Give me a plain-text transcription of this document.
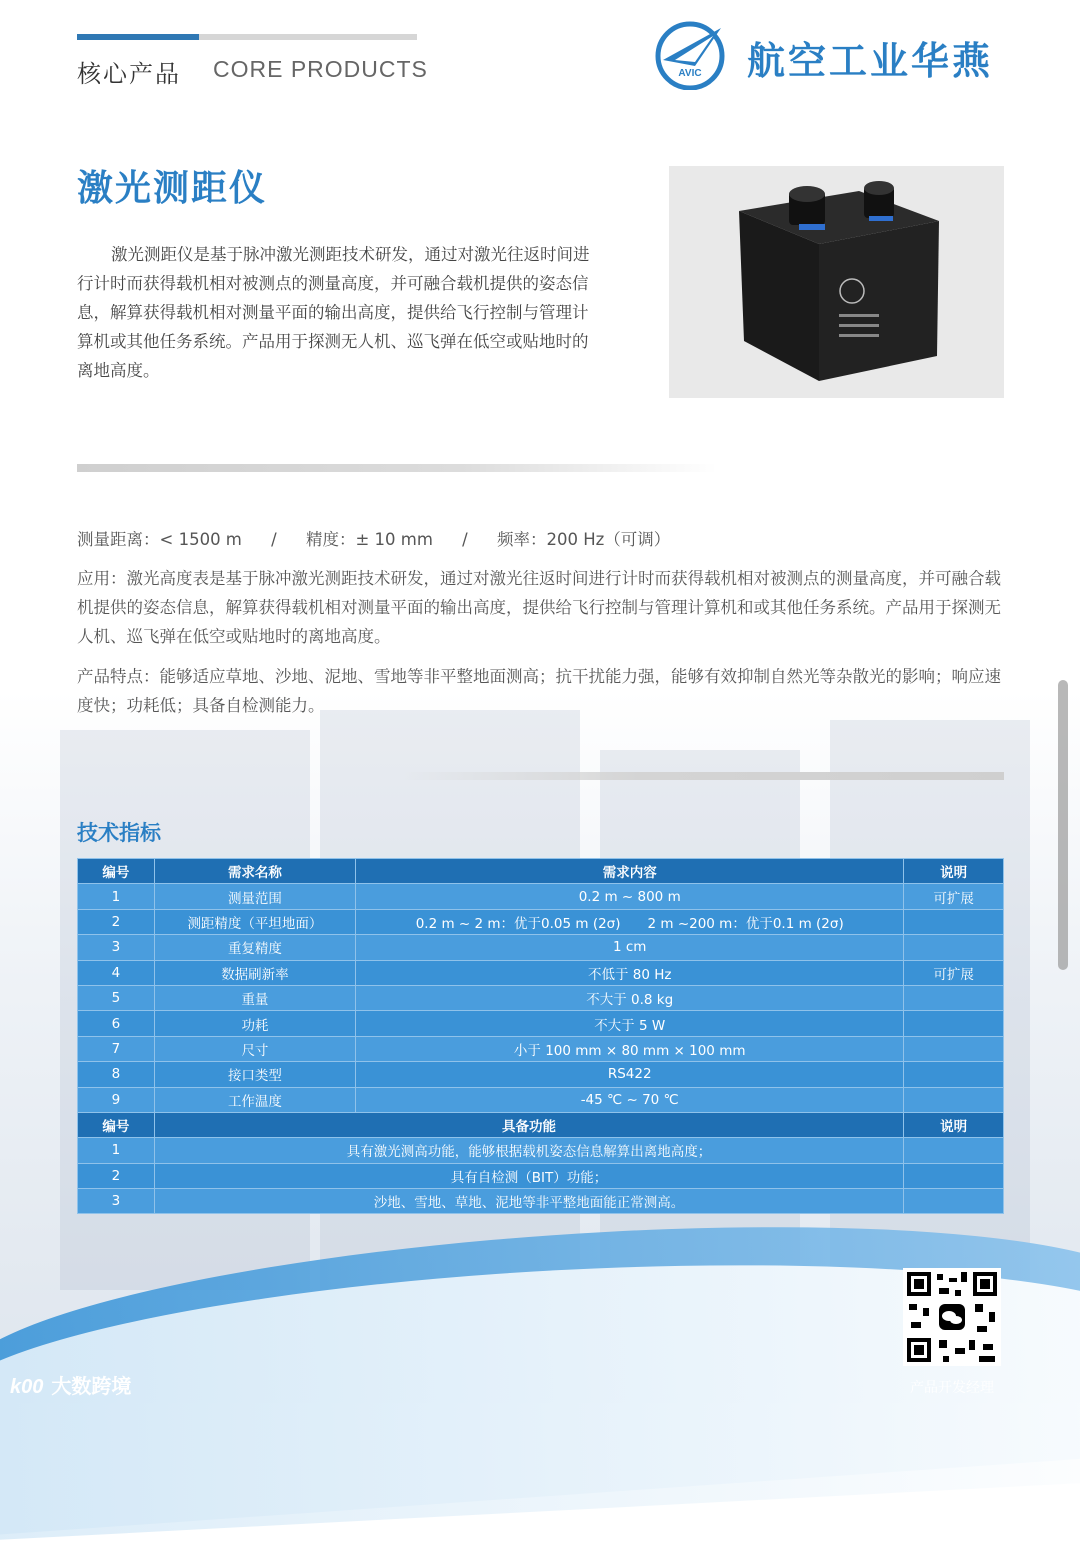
核心产品 CORE PRODUCTS	AVIC 航空工业华燕
激光测距仪
激光测距仪是基于脉冲激光测距技术研发，通过对激光往返时间进行计时而获得载机相对被测点的测量高度，并可融合载机提供的姿态信息，解算获得载机相对测量平面的输出高度，提供给飞行控制与管理计算机或其他任务系统。产品用于探测无人机、巡飞弹在低空或贴地时的离地高度。
测量距离：< 1500 m / 精度：± 10 mm / 频率：200 Hz（可调）
应用：激光高度表是基于脉冲激光测距技术研发，通过对激光往返时间进行计时而获得载机相对被测点的测量高度，并可融合载机提供的姿态信息，解算获得载机相对测量平面的输出高度，提供给飞行控制与管理计算机和或其他任务系统。产品用于探测无人机、巡飞弹在低空或贴地时的离地高度。
产品特点：能够适应草地、沙地、泥地、雪地等非平整地面测高；抗干扰能力强，能够有效抑制自然光等杂散光的影响；响应速度快；功耗低；具备自检测能力。
技术指标
编号	需求名称	需求内容	说明
1	测量范围	0.2 m ~ 800 m	可扩展
2	测距精度（平坦地面）	0.2 m ~ 2 m：优于0.05 m (2σ)　　2 m ~200 m：优于0.1 m (2σ)	
3	重复精度	1 cm	
4	数据刷新率	不低于 80 Hz	可扩展
5	重量	不大于 0.8 kg	
6	功耗	不大于 5 W	
7	尺寸	小于 100 mm × 80 mm × 100 mm	
8	接口类型	RS422	
9	工作温度	-45 ℃ ~ 70 ℃	
编号	具备功能		说明
1	具有激光测高功能，能够根据载机姿态信息解算出离地高度；		
2	具有自检测（BIT）功能；		
3	沙地、雪地、草地、泥地等非平整地面能正常测高。		
产品开发经理
k00 大数跨境
